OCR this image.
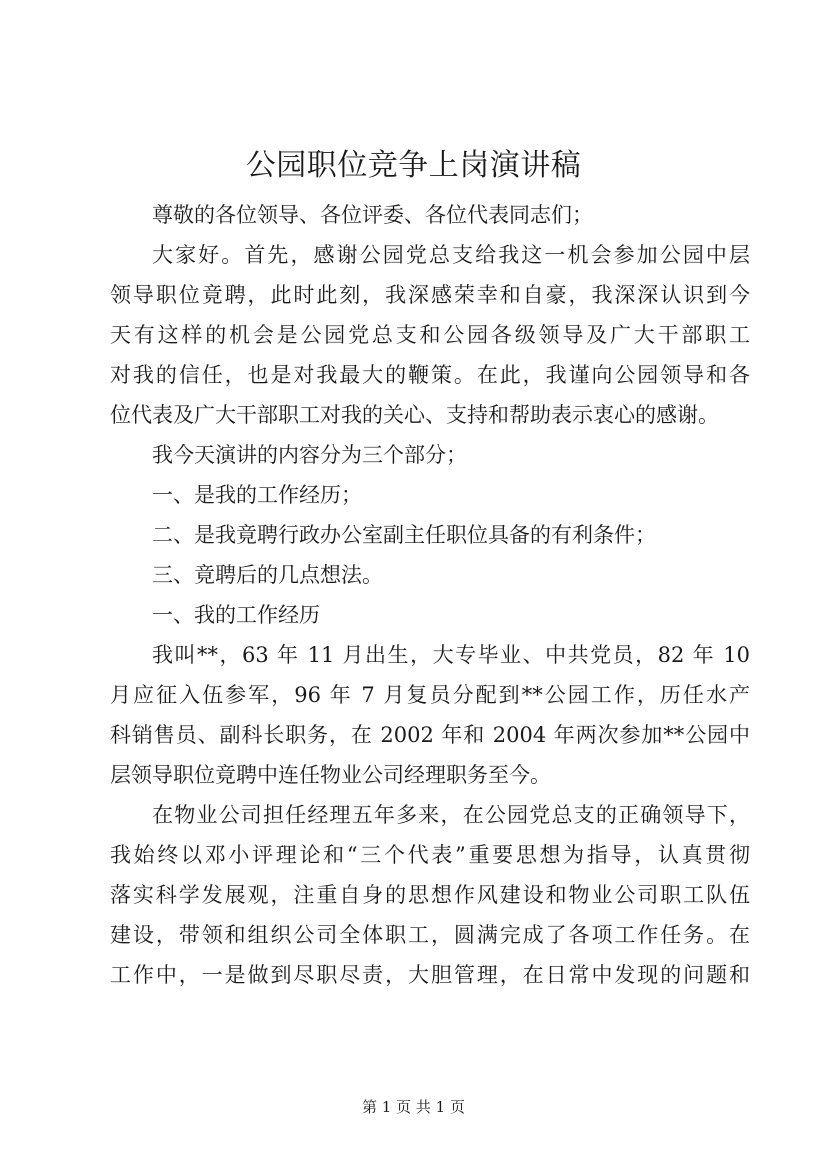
公园职位竞争上岗演讲稿

尊敬的各位领导、各位评委、各位代表同志们；

大家好。首先，感谢公园党总支给我这一机会参加公园中层
领导职位竟聘，此时此刻，我深感荣幸和自豪，我深深认识到今
天有这样的机会是公园党总支和公园各级领导及广大干部职工
对我的信任，也是对我最大的鞭策。在此，我谨向公园领导和各
位代表及广大干部职工对我的关心、支持和帮助表示衷心的感谢。

我今天演讲的内容分为三个部分；

一、是我的工作经历；

二、是我竟聘行政办公室副主任职位具备的有利条件；

三、竟聘后的几点想法。

一、我的工作经历

我叫**，63 年 11 月出生，大专毕业、中共党员，82 年 10
月应征入伍参军，96 年 7 月复员分配到**公园工作，历任水产
科销售员、副科长职务，在 2002 年和 2004 年两次参加**公园中
层领导职位竟聘中连任物业公司经理职务至今。

在物业公司担任经理五年多来，在公园党总支的正确领导下，
我始终以邓小评理论和“三个代表”重要思想为指导，认真贯彻
落实科学发展观，注重自身的思想作风建设和物业公司职工队伍
建设，带领和组织公司全体职工，圆满完成了各项工作任务。在
工作中，一是做到尽职尽责，大胆管理，在日常中发现的问题和

第 1 页 共 1 页
